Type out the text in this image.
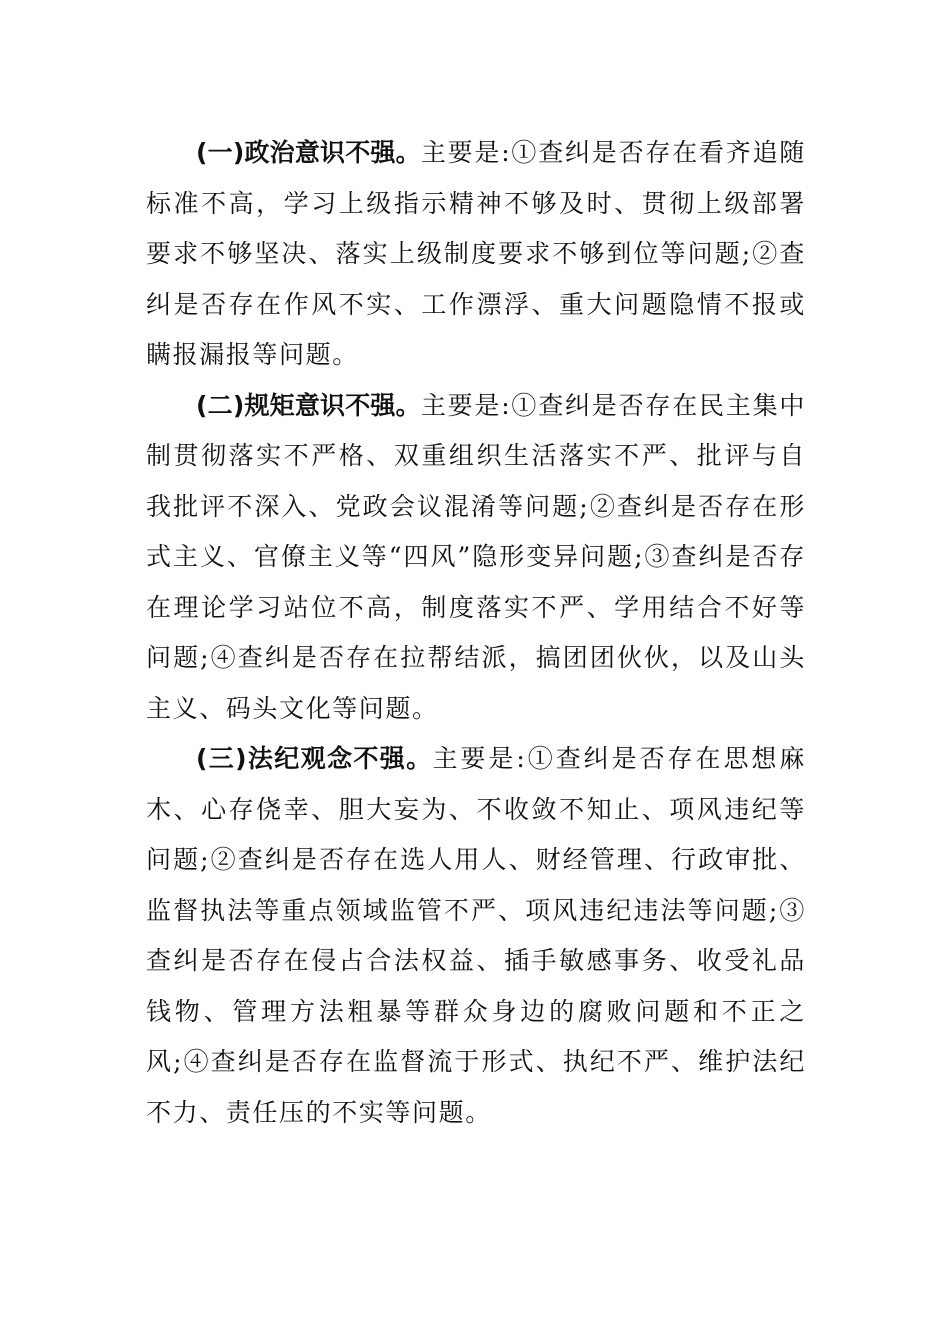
(一)政治意识不强。主要是:①查纠是否存在看齐追随标准不高，学习上级指示精神不够及时、贯彻上级部署要求不够坚决、落实上级制度要求不够到位等问题;②查纠是否存在作风不实、工作漂浮、重大问题隐情不报或瞒报漏报等问题。

(二)规矩意识不强。主要是:①查纠是否存在民主集中制贯彻落实不严格、双重组织生活落实不严、批评与自我批评不深入、党政会议混淆等问题;②查纠是否存在形式主义、官僚主义等“四风”隐形变异问题;③查纠是否存在理论学习站位不高，制度落实不严、学用结合不好等问题;④查纠是否存在拉帮结派，搞团团伙伙，以及山头主义、码头文化等问题。

(三)法纪观念不强。主要是:①查纠是否存在思想麻木、心存侥幸、胆大妄为、不收敛不知止、项风违纪等问题;②查纠是否存在选人用人、财经管理、行政审批、监督执法等重点领域监管不严、项风违纪违法等问题;③查纠是否存在侵占合法权益、插手敏感事务、收受礼品钱物、管理方法粗暴等群众身边的腐败问题和不正之风;④查纠是否存在监督流于形式、执纪不严、维护法纪不力、责任压的不实等问题。
